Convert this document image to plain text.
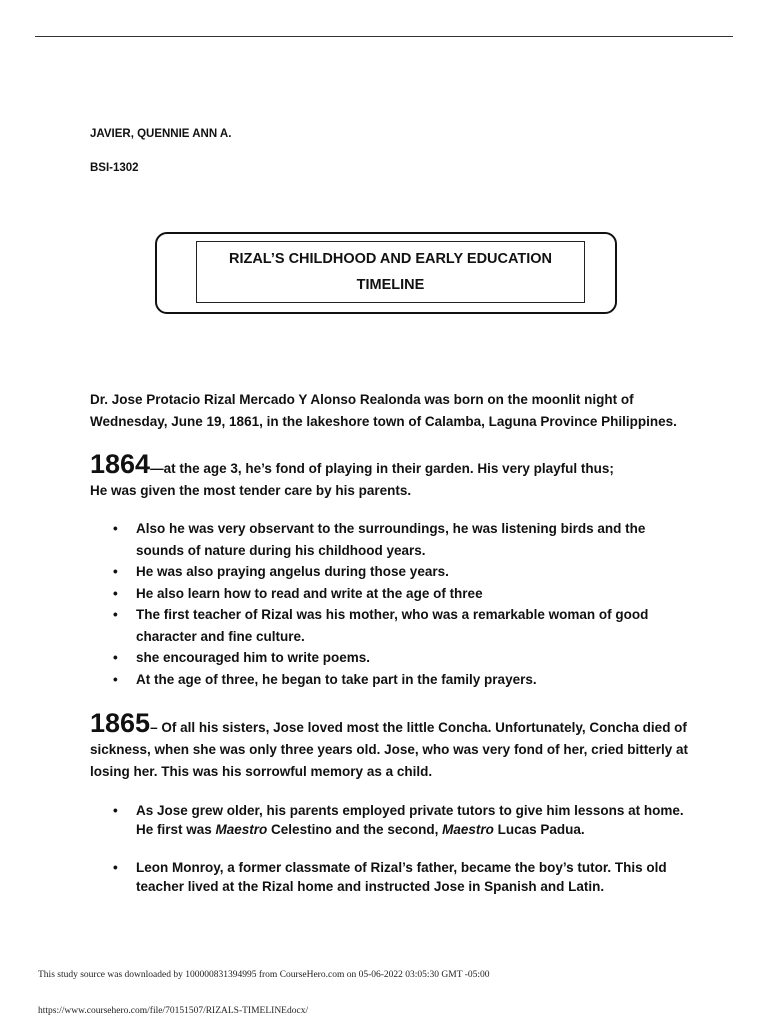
JAVIER, QUENNIE ANN A.
BSI-1302
RIZAL’S CHILDHOOD AND EARLY EDUCATION
TIMELINE
Dr. Jose Protacio Rizal Mercado Y Alonso Realonda was born on the moonlit night of Wednesday, June 19, 1861, in the lakeshore town of Calamba, Laguna Province Philippines.
1864—at the age 3, he’s fond of playing in their garden. His very playful thus;
He was given the most tender care by his parents.
• Also he was very observant to the surroundings, he was listening birds and the sounds of nature during his childhood years.
• He was also praying angelus during those years.
• He also learn how to read and write at the age of three
• The first teacher of Rizal was his mother, who was a remarkable woman of good character and fine culture.
• she encouraged him to write poems.
• At the age of three, he began to take part in the family prayers.
1865– Of all his sisters, Jose loved most the little Concha. Unfortunately, Concha died of sickness, when she was only three years old. Jose, who was very fond of her, cried bitterly at losing her. This was his sorrowful memory as a child.
• As Jose grew older, his parents employed private tutors to give him lessons at home. He first was Maestro Celestino and the second, Maestro Lucas Padua.
• Leon Monroy, a former classmate of Rizal’s father, became the boy’s tutor. This old teacher lived at the Rizal home and instructed Jose in Spanish and Latin.
This study source was downloaded by 100000831394995 from CourseHero.com on 05-06-2022 03:05:30 GMT -05:00
https://www.coursehero.com/file/70151507/RIZALS-TIMELINEdocx/
